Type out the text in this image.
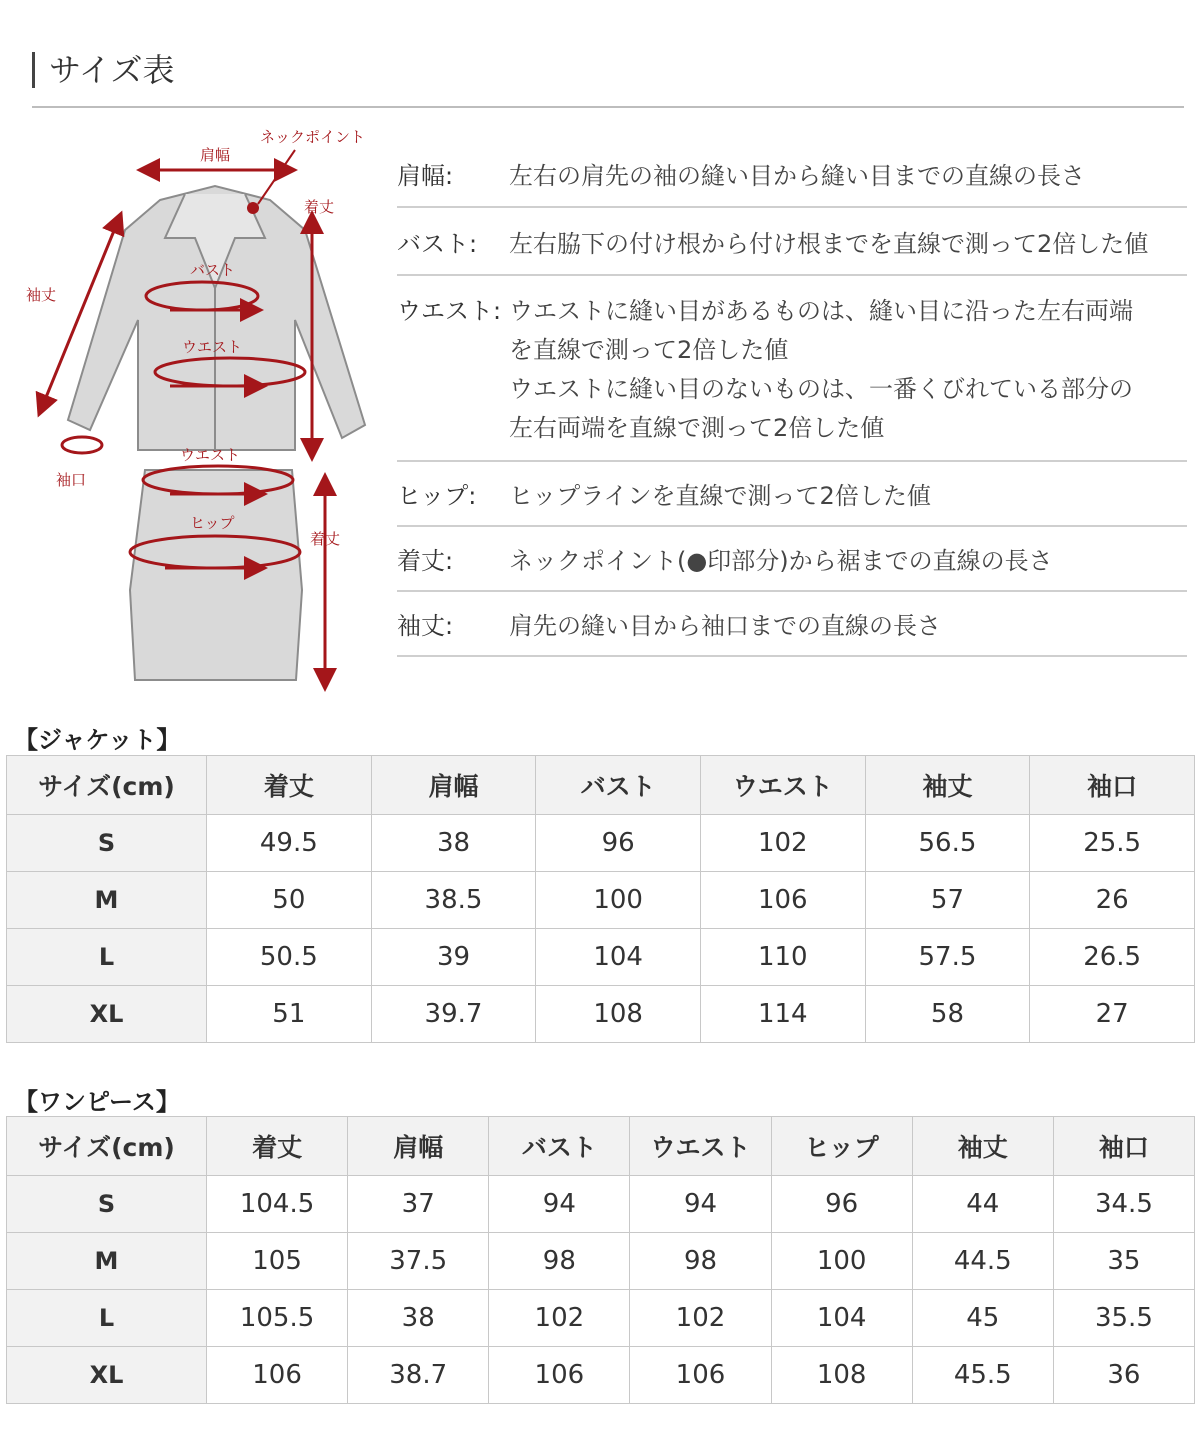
サイズ表
肩幅
ネックポイント
着丈
袖丈
バスト
ウエスト
袖口
ウエスト
ヒップ
着丈
肩幅:	左右の肩先の袖の縫い目から縫い目までの直線の長さ
バスト:	左右脇下の付け根から付け根までを直線で測って2倍した値
ウエスト: ウエストに縫い目があるものは、縫い目に沿った左右両端
を直線で測って2倍した値
ウエストに縫い目のないものは、一番くびれている部分の
左右両端を直線で測って2倍した値
ヒップ:	ヒップラインを直線で測って2倍した値
着丈:	ネックポイント(●印部分)から裾までの直線の長さ
袖丈:	肩先の縫い目から袖口までの直線の長さ
【ジャケット】
サイズ(cm)	着丈	肩幅	バスト	ウエスト	袖丈	袖口
S	49.5	38	96	102	56.5	25.5
M	50	38.5	100	106	57	26
L	50.5	39	104	110	57.5	26.5
XL	51	39.7	108	114	58	27
【ワンピース】
サイズ(cm)	着丈	肩幅	バスト	ウエスト	ヒップ	袖丈	袖口
S	104.5	37	94	94	96	44	34.5
M	105	37.5	98	98	100	44.5	35
L	105.5	38	102	102	104	45	35.5
XL	106	38.7	106	106	108	45.5	36
